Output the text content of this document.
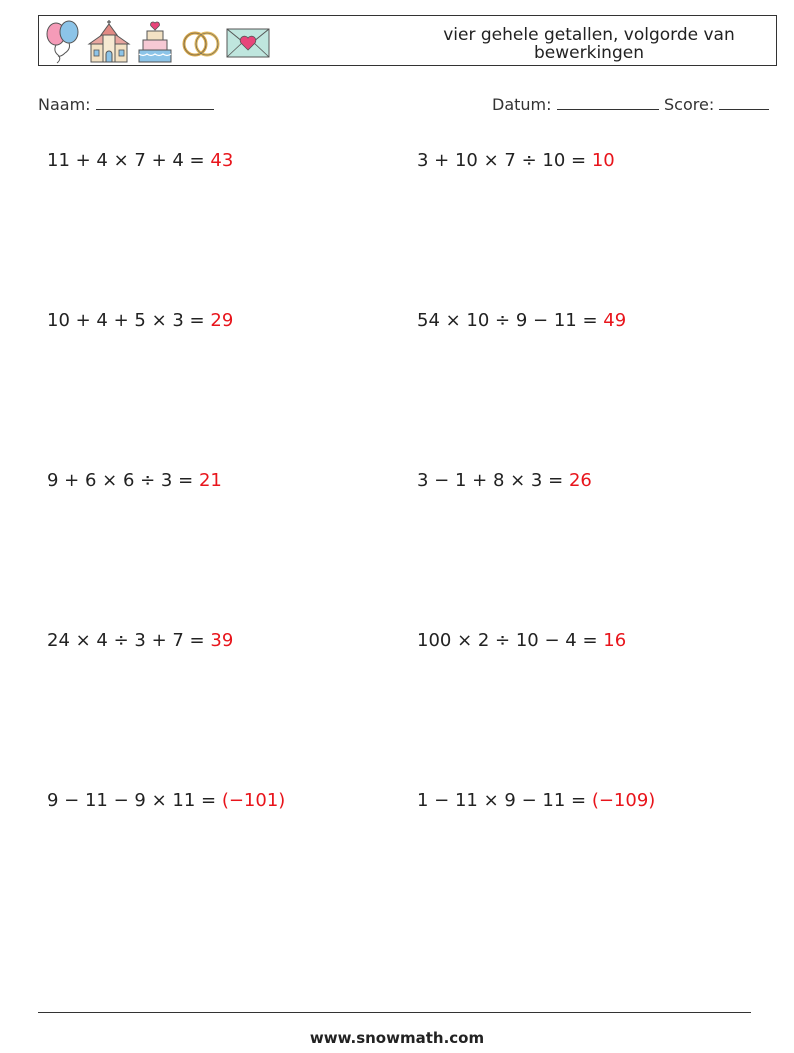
vier gehele getallen, volgorde van bewerkingen
Naam:	Datum:	Score:
11 + 4 × 7 + 4 = 43	3 + 10 × 7 ÷ 10 = 10
10 + 4 + 5 × 3 = 29	54 × 10 ÷ 9 − 11 = 49
9 + 6 × 6 ÷ 3 = 21	3 − 1 + 8 × 3 = 26
24 × 4 ÷ 3 + 7 = 39	100 × 2 ÷ 10 − 4 = 16
9 − 11 − 9 × 11 = (−101)	1 − 11 × 9 − 11 = (−109)
www.snowmath.com
